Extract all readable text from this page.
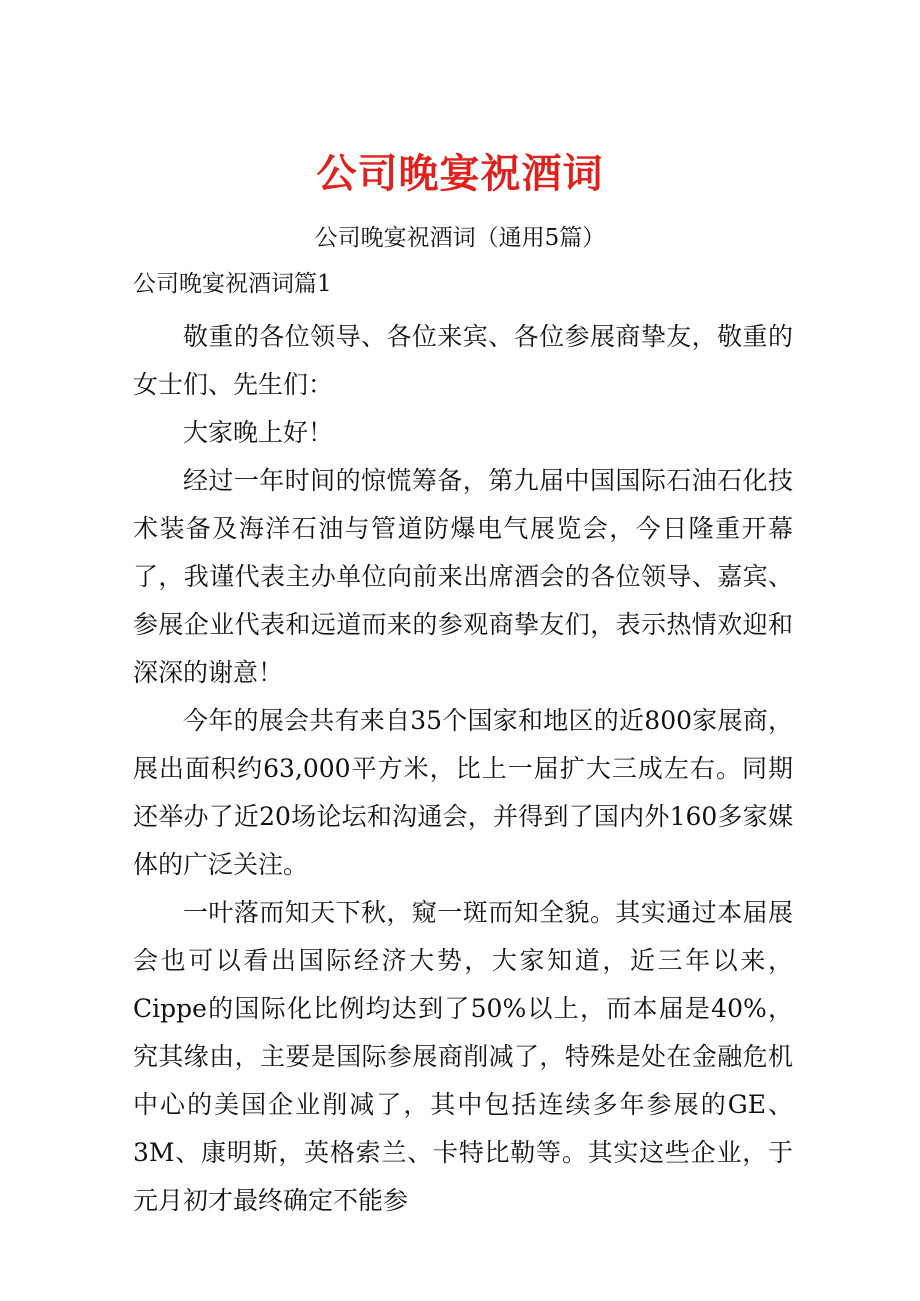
公司晚宴祝酒词
公司晚宴祝酒词（通用5篇）
公司晚宴祝酒词篇1

敬重的各位领导、各位来宾、各位参展商挚友，敬重的女士们、先生们：

大家晚上好！

经过一年时间的惊慌筹备，第九届中国国际石油石化技术装备及海洋石油与管道防爆电气展览会，今日隆重开幕了，我谨代表主办单位向前来出席酒会的各位领导、嘉宾、参展企业代表和远道而来的参观商挚友们，表示热情欢迎和深深的谢意！

今年的展会共有来自35个国家和地区的近800家展商，展出面积约63,000平方米，比上一届扩大三成左右。同期还举办了近20场论坛和沟通会，并得到了国内外160多家媒体的广泛关注。

一叶落而知天下秋，窥一斑而知全貌。其实通过本届展会也可以看出国际经济大势，大家知道，近三年以来，Cippe的国际化比例均达到了50%以上，而本届是40%，究其缘由，主要是国际参展商削减了，特殊是处在金融危机中心的美国企业削减了，其中包括连续多年参展的GE、3M、康明斯，英格索兰、卡特比勒等。其实这些企业，于元月初才最终确定不能参
